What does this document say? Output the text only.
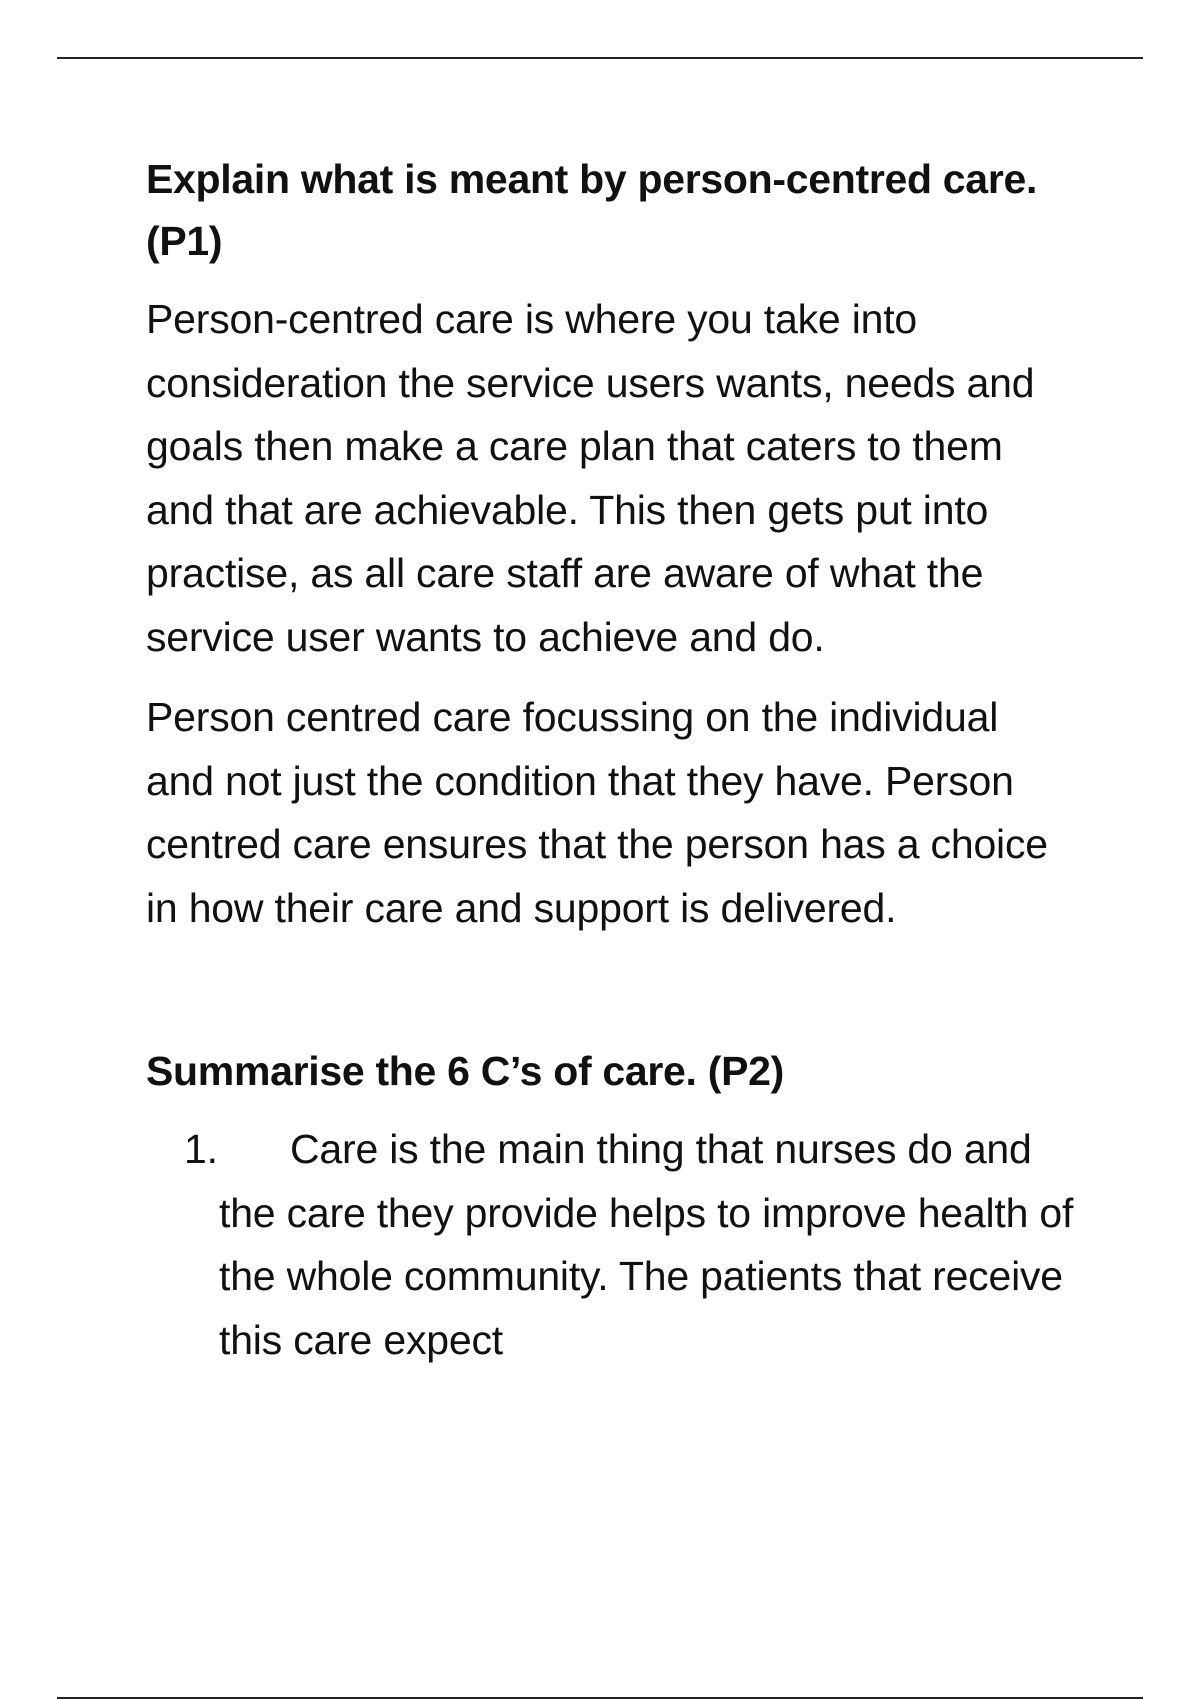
Explain what is meant by person-centred care. (P1)

Person-centred care is where you take into consideration the service users wants, needs and goals then make a care plan that caters to them and that are achievable. This then gets put into practise, as all care staff are aware of what the service user wants to achieve and do.

Person centred care focussing on the individual and not just the condition that they have. Person centred care ensures that the person has a choice in how their care and support is delivered.

Summarise the 6 C’s of care. (P2)
1. Care is the main thing that nurses do and the care they provide helps to improve health of the whole community. The patients that receive this care expect
